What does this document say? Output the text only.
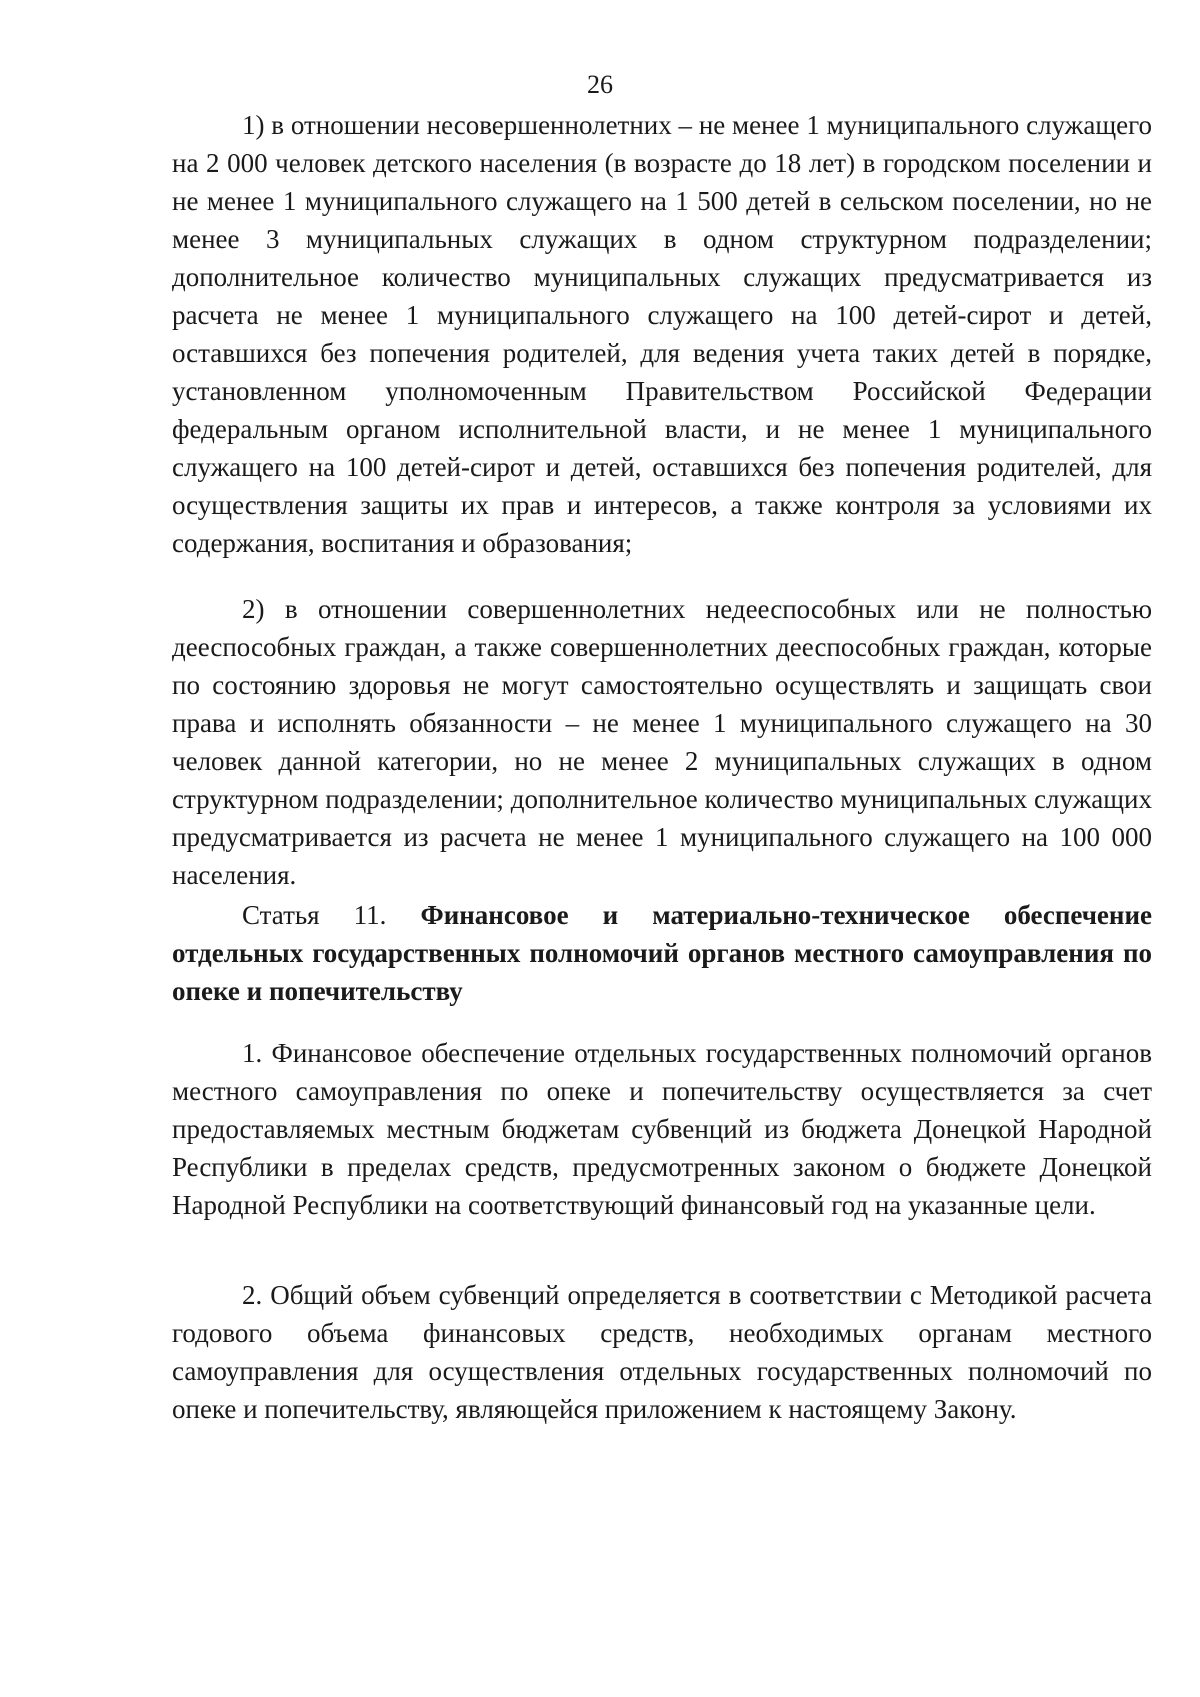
26

1) в отношении несовершеннолетних – не менее 1 муниципального служащего на 2 000 человек детского населения (в возрасте до 18 лет) в городском поселении и не менее 1 муниципального служащего на 1 500 детей в сельском поселении, но не менее 3 муниципальных служащих в одном структурном подразделении; дополнительное количество муниципальных служащих предусматривается из расчета не менее 1 муниципального служащего на 100 детей-сирот и детей, оставшихся без попечения родителей, для ведения учета таких детей в порядке, установленном уполномоченным Правительством Российской Федерации федеральным органом исполнительной власти, и не менее 1 муниципального служащего на 100 детей-сирот и детей, оставшихся без попечения родителей, для осуществления защиты их прав и интересов, а также контроля за условиями их содержания, воспитания и образования;

2) в отношении совершеннолетних недееспособных или не полностью дееспособных граждан, а также совершеннолетних дееспособных граждан, которые по состоянию здоровья не могут самостоятельно осуществлять и защищать свои права и исполнять обязанности – не менее 1 муниципального служащего на 30 человек данной категории, но не менее 2 муниципальных служащих в одном структурном подразделении; дополнительное количество муниципальных служащих предусматривается из расчета не менее 1 муниципального служащего на 100 000 населения.

Статья 11. Финансовое и материально-техническое обеспечение отдельных государственных полномочий органов местного самоуправления по опеке и попечительству

1. Финансовое обеспечение отдельных государственных полномочий органов местного самоуправления по опеке и попечительству осуществляется за счет предоставляемых местным бюджетам субвенций из бюджета Донецкой Народной Республики в пределах средств, предусмотренных законом о бюджете Донецкой Народной Республики на соответствующий финансовый год на указанные цели.

2. Общий объем субвенций определяется в соответствии с Методикой расчета годового объема финансовых средств, необходимых органам местного самоуправления для осуществления отдельных государственных полномочий по опеке и попечительству, являющейся приложением к настоящему Закону.
